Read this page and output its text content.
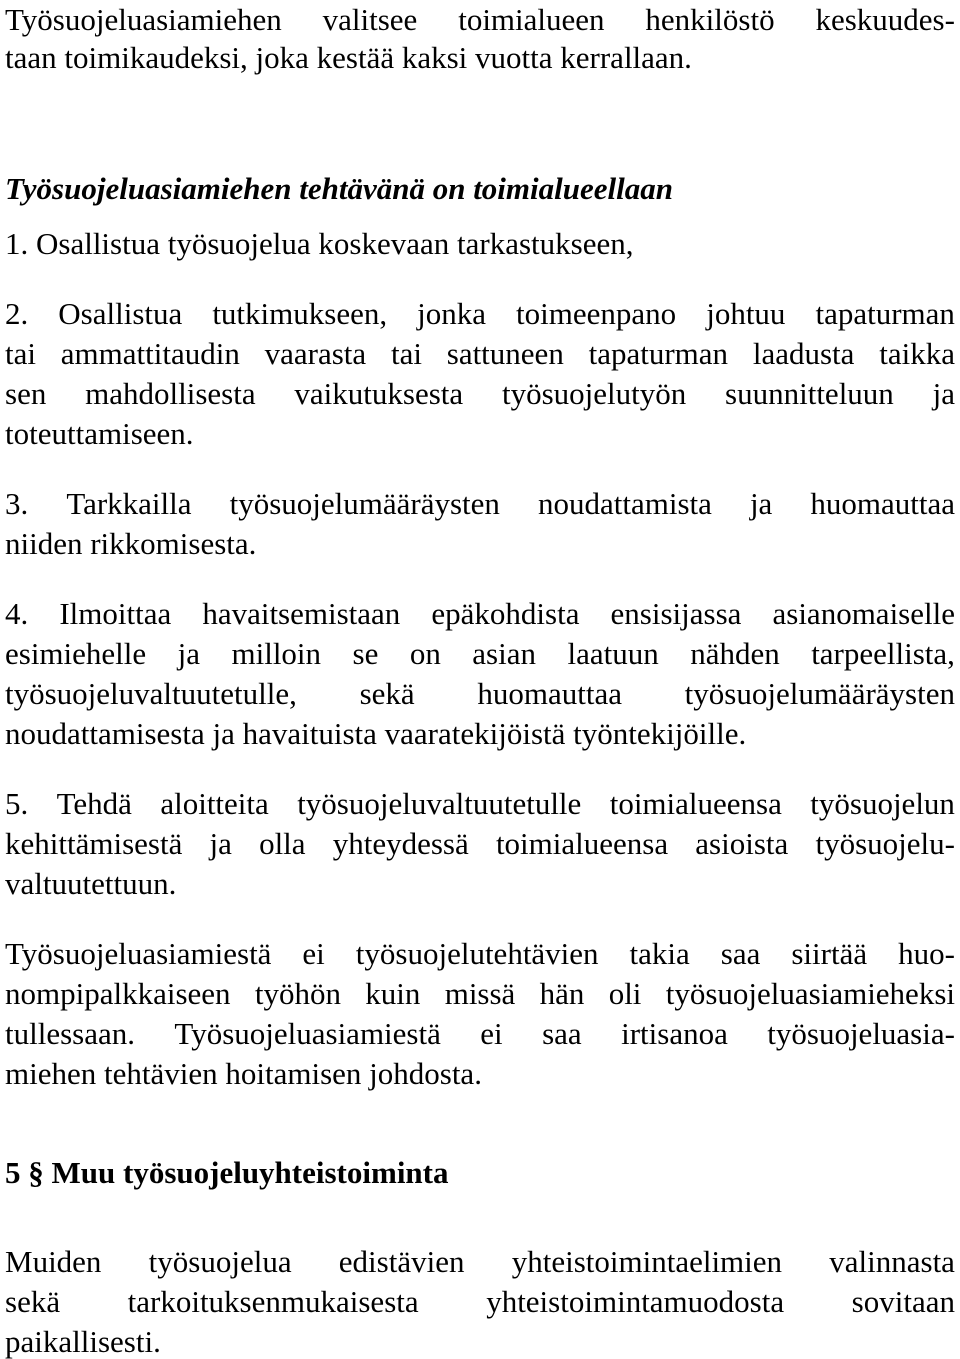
Työsuojeluasiamiehen valitsee toimialueen henkilöstö keskuudes-
taan toimikaudeksi, joka kestää kaksi vuotta kerrallaan.
Työsuojeluasiamiehen tehtävänä on toimialueellaan
1. Osallistua työsuojelua koskevaan tarkastukseen,
2. Osallistua tutkimukseen, jonka toimeenpano johtuu tapaturman
tai ammattitaudin vaarasta tai sattuneen tapaturman laadusta taikka
sen mahdollisesta vaikutuksesta työsuojelutyön suunnitteluun ja
toteuttamiseen.
3. Tarkkailla työsuojelumääräysten noudattamista ja huomauttaa
niiden rikkomisesta.
4. Ilmoittaa havaitsemistaan epäkohdista ensisijassa asianomaiselle
esimiehelle ja milloin se on asian laatuun nähden tarpeellista,
työsuojeluvaltuutetulle, sekä huomauttaa työsuojelumääräysten
noudattamisesta ja havaituista vaaratekijöistä työntekijöille.
5. Tehdä aloitteita työsuojeluvaltuutetulle toimialueensa työsuojelun
kehittämisestä ja olla yhteydessä toimialueensa asioista työsuojelu-
valtuutettuun.
Työsuojeluasiamiestä ei työsuojelutehtävien takia saa siirtää huo-
nompipalkkaiseen työhön kuin missä hän oli työsuojeluasiamieheksi
tullessaan. Työsuojeluasiamiestä ei saa irtisanoa työsuojeluasia-
miehen tehtävien hoitamisen johdosta.
5 § Muu työsuojeluyhteistoiminta
Muiden työsuojelua edistävien yhteistoimintaelimien valinnasta
sekä tarkoituksenmukaisesta yhteistoimintamuodosta sovitaan
paikallisesti.
